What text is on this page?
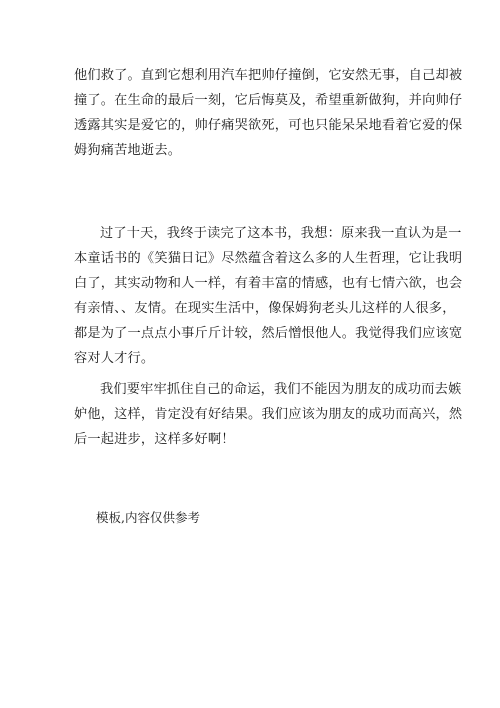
他们救了。直到它想利用汽车把帅仔撞倒，它安然无事，自己却被
撞了。在生命的最后一刻，它后悔莫及，希望重新做狗，并向帅仔
透露其实是爱它的，帅仔痛哭欲死，可也只能呆呆地看着它爱的保
姆狗痛苦地逝去。
过了十天，我终于读完了这本书，我想：原来我一直认为是一
本童话书的《笑猫日记》尽然蕴含着这么多的人生哲理，它让我明
白了，其实动物和人一样，有着丰富的情感，也有七情六欲，也会
有亲情、、友情。在现实生活中，像保姆狗老头儿这样的人很多，
都是为了一点点小事斤斤计较，然后憎恨他人。我觉得我们应该宽
容对人才行。
我们要牢牢抓住自己的命运，我们不能因为朋友的成功而去嫉
妒他，这样，肯定没有好结果。我们应该为朋友的成功而高兴，然
后一起进步，这样多好啊！
模板,内容仅供参考
